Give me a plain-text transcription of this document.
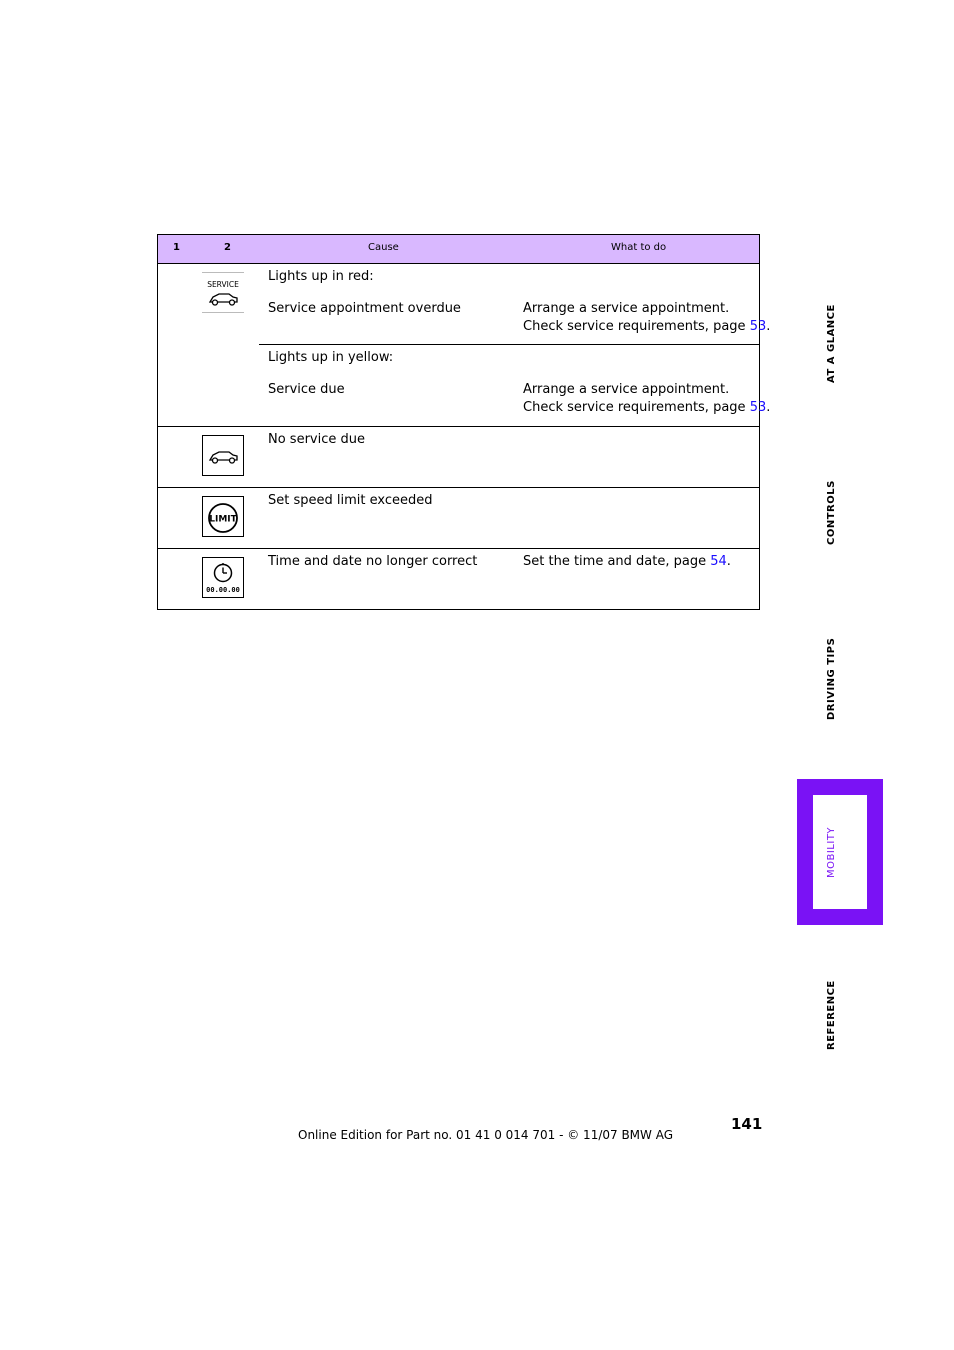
1	2	Cause	What to do
SERVICE
Lights up in red:
Service appointment overdue	Arrange a service appointment.
Check service requirements, page 53.
Lights up in yellow:
Service due	Arrange a service appointment.
Check service requirements, page 53.
No service due
LIMIT
Set speed limit exceeded
00.00.00
Time and date no longer correct	Set the time and date, page 54.
AT A GLANCE
CONTROLS
DRIVING TIPS
MOBILITY
REFERENCE
141
Online Edition for Part no. 01 41 0 014 701 - © 11/07 BMW AG
